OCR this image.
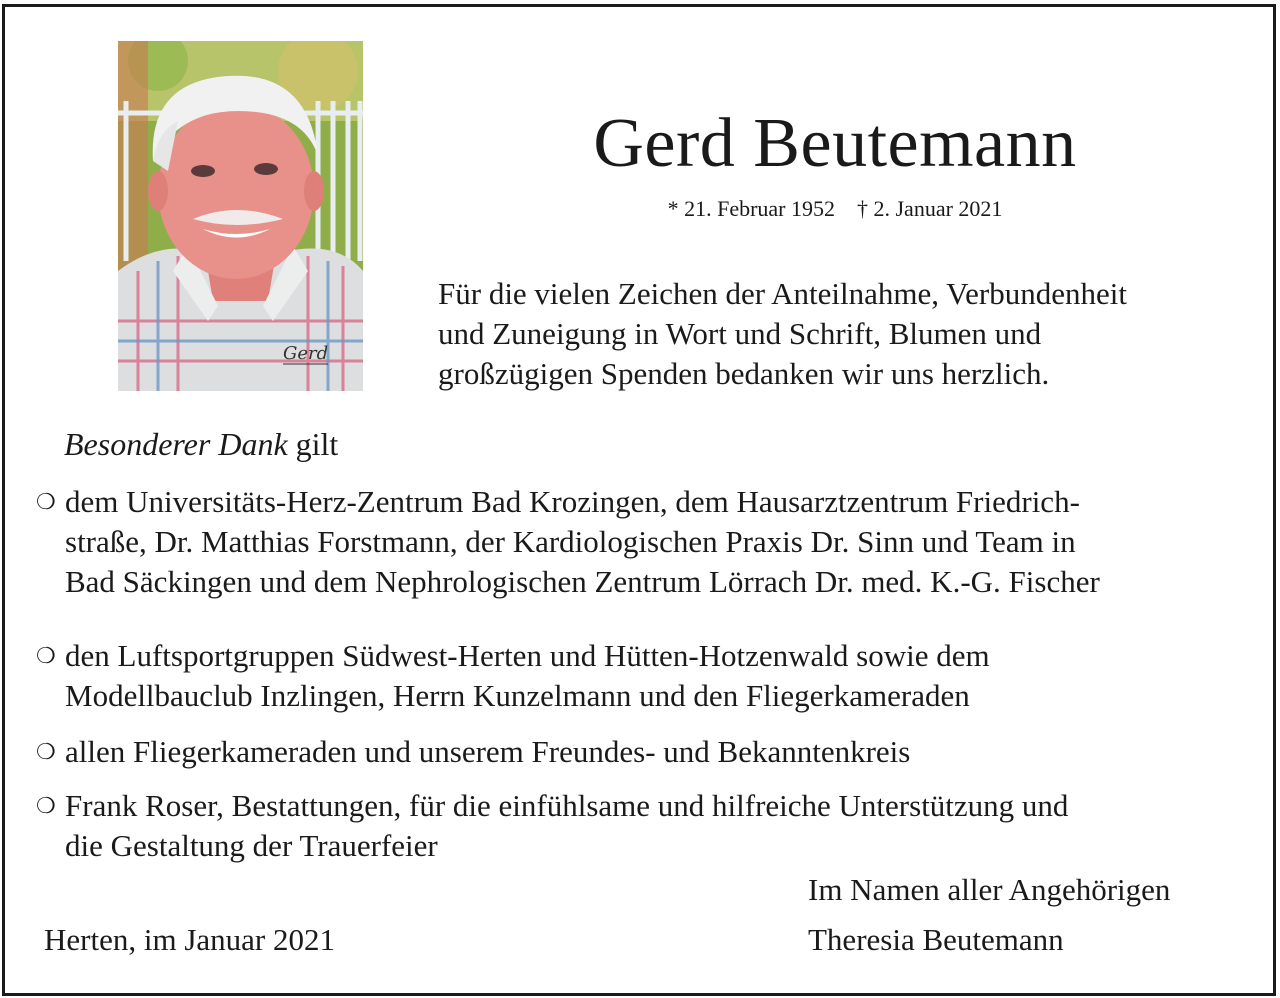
Gerd
Gerd Beutemann
* 21. Februar 1952 † 2. Januar 2021
Für die vielen Zeichen der Anteilnahme, Verbundenheit
und Zuneigung in Wort und Schrift, Blumen und
großzügigen Spenden bedanken wir uns herzlich.
Besonderer Dank gilt
❍ dem Universitäts-Herz-Zentrum Bad Krozingen, dem Hausarztzentrum Friedrich-
straße, Dr. Matthias Forstmann, der Kardiologischen Praxis Dr. Sinn und Team in
Bad Säckingen und dem Nephrologischen Zentrum Lörrach Dr. med. K.-G. Fischer
❍ den Luftsportgruppen Südwest-Herten und Hütten-Hotzenwald sowie dem
Modellbauclub Inzlingen, Herrn Kunzelmann und den Fliegerkameraden
❍ allen Fliegerkameraden und unserem Freundes- und Bekanntenkreis
❍ Frank Roser, Bestattungen, für die einfühlsame und hilfreiche Unterstützung und
die Gestaltung der Trauerfeier
Im Namen aller Angehörigen
Herten, im Januar 2021	Theresia Beutemann
